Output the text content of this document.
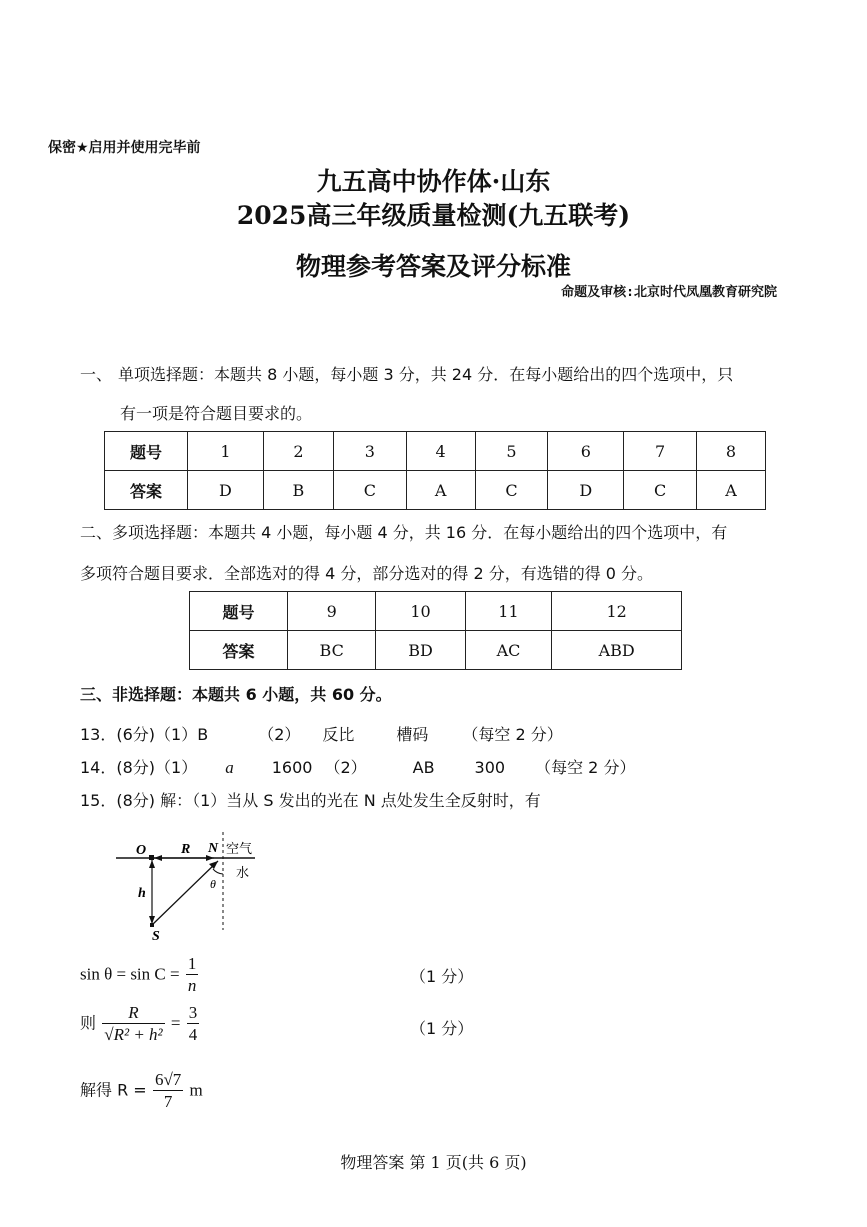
保密★启用并使用完毕前
九五高中协作体·山东
2025高三年级质量检测(九五联考)
物理参考答案及评分标准
命题及审核:北京时代凤凰教育研究院
一、 单项选择题：本题共 8 小题，每小题 3 分，共 24 分．在每小题给出的四个选项中，只
有一项是符合题目要求的。
题号	1	2	3	4	5	6	7	8
答案	D	B	C	A	C	D	C	A
二、多项选择题：本题共 4 小题，每小题 4 分，共 16 分．在每小题给出的四个选项中，有
多项符合题目要求．全部选对的得 4 分，部分选对的得 2 分，有选错的得 0 分。
题号	9	10	11	12
答案	BC	BD	AC	ABD
三、非选择题：本题共 6 小题，共 60 分。
13．(6分)（1）B	（2） 反比	槽码 （每空 2 分）
14．(8分)（1） a 1600 （2）	AB	300 （每空 2 分）
15．(8分) 解：（1）当从 S 发出的光在 N 点处发生全反射时，有
O R N 空气
水
h
θ
S
$\sin \theta = \sin C = \frac{1}{n}$	（1 分）
则 $\frac{R}{\text{√R² + h²}} = \frac{3}{4}$	（1 分）
解得 $R = \frac{6√7}{7}$ m
物理答案 第 1 页(共 6 页)
